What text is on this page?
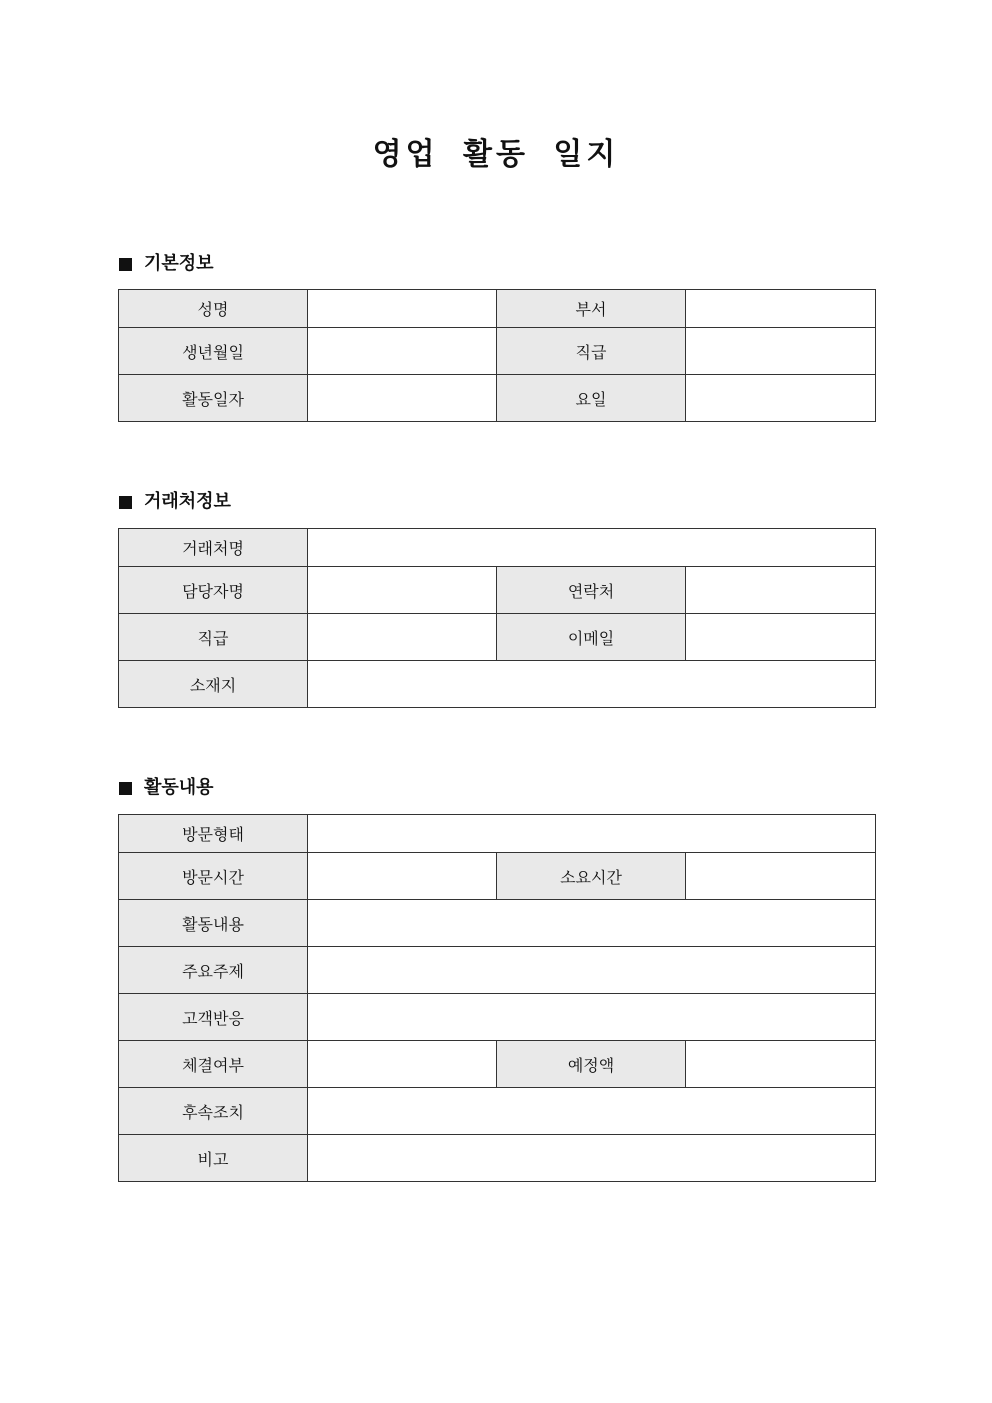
영업 활동 일지
기본정보
성명		부서	
생년월일		직급	
활동일자		요일	
거래처정보
거래처명			
담당자명		연락처	
직급		이메일	
소재지			
활동내용
방문형태			
방문시간		소요시간	
활동내용			
주요주제			
고객반응			
체결여부		예정액	
후속조치			
비고			
